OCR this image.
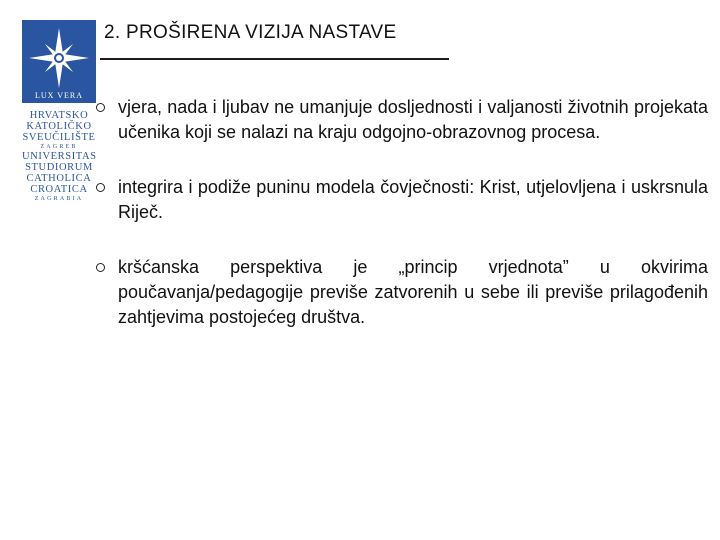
LUX VERA
HRVATSKO
KATOLIČKO
SVEUČILIŠTE
ZAGREB
UNIVERSITAS
STUDIORUM
CATHOLICA
CROATICA
ZAGRABIA
2. PROŠIRENA VIZIJA NASTAVE
vjera, nada i ljubav ne umanjuje dosljednosti i valjanosti životnih projekata učenika koji se nalazi na kraju odgojno-obrazovnog procesa.
integrira i podiže puninu modela čovječnosti: Krist, utjelovljena i uskrsnula Riječ.
kršćanska perspektiva je „princip vrjednota” u okvirima poučavanja/pedagogije previše zatvorenih u sebe ili previše prilagođenih zahtjevima postojećeg društva.
